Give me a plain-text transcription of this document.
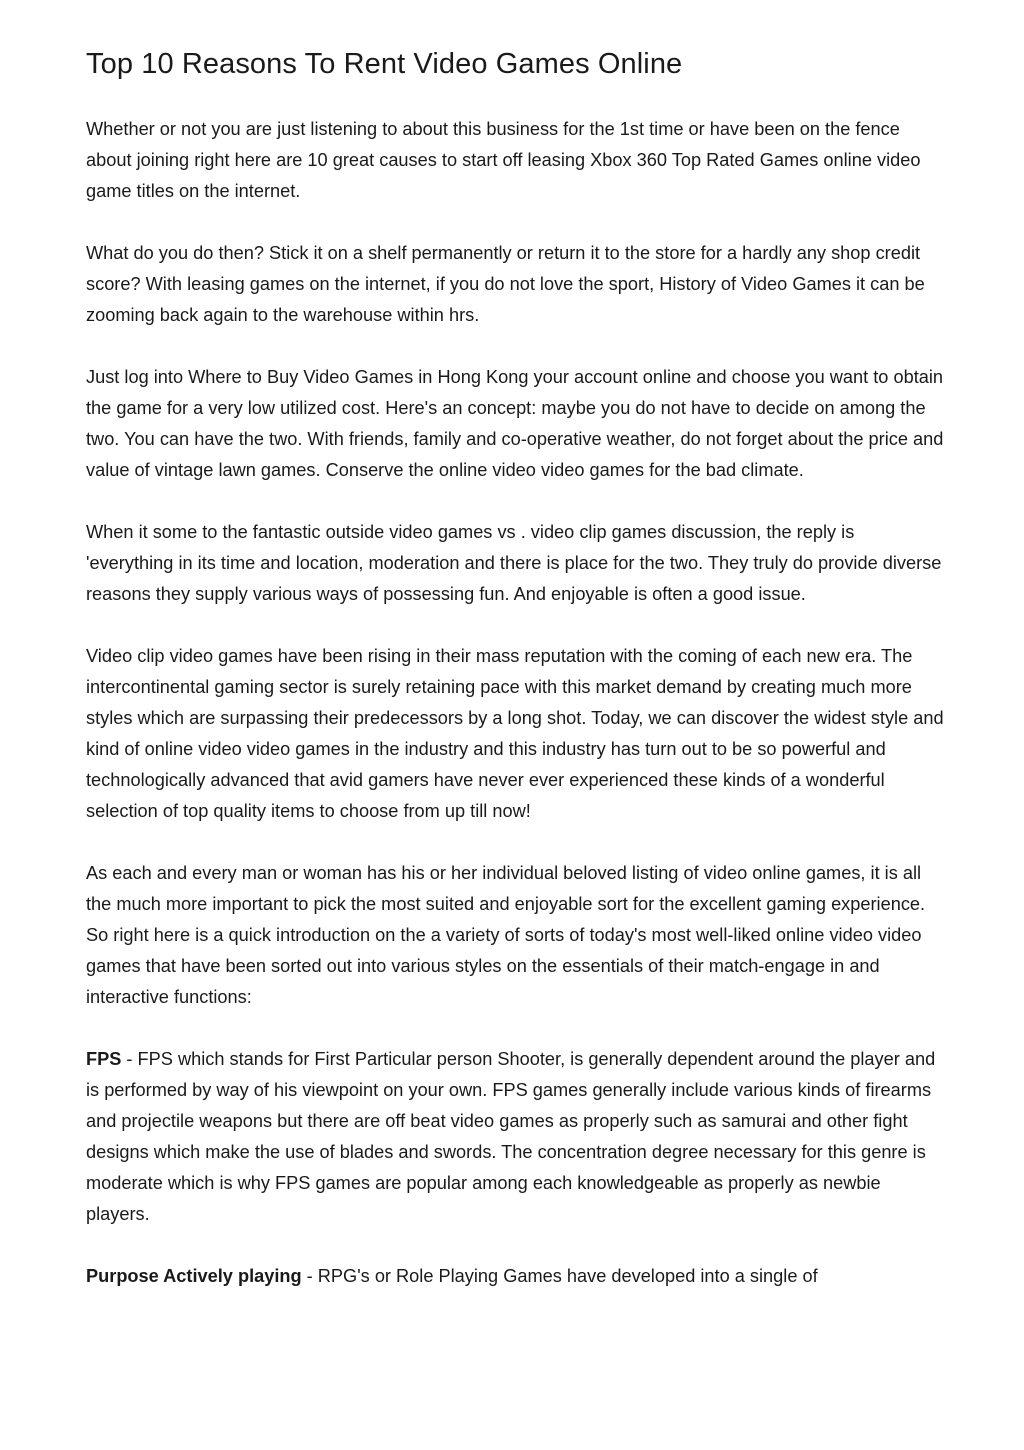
Top 10 Reasons To Rent Video Games Online

Whether or not you are just listening to about this business for the 1st time or have been on the fence about joining right here are 10 great causes to start off leasing Xbox 360 Top Rated Games online video game titles on the internet.

What do you do then? Stick it on a shelf permanently or return it to the store for a hardly any shop credit score? With leasing games on the internet, if you do not love the sport, History of Video Games it can be zooming back again to the warehouse within hrs.

Just log into Where to Buy Video Games in Hong Kong your account online and choose you want to obtain the game for a very low utilized cost. Here's an concept: maybe you do not have to decide on among the two. You can have the two. With friends, family and co-operative weather, do not forget about the price and value of vintage lawn games. Conserve the online video video games for the bad climate.

When it some to the fantastic outside video games vs . video clip games discussion, the reply is 'everything in its time and location, moderation and there is place for the two. They truly do provide diverse reasons they supply various ways of possessing fun. And enjoyable is often a good issue.

Video clip video games have been rising in their mass reputation with the coming of each new era. The intercontinental gaming sector is surely retaining pace with this market demand by creating much more styles which are surpassing their predecessors by a long shot. Today, we can discover the widest style and kind of online video video games in the industry and this industry has turn out to be so powerful and technologically advanced that avid gamers have never ever experienced these kinds of a wonderful selection of top quality items to choose from up till now!

As each and every man or woman has his or her individual beloved listing of video online games, it is all the much more important to pick the most suited and enjoyable sort for the excellent gaming experience. So right here is a quick introduction on the a variety of sorts of today's most well-liked online video video games that have been sorted out into various styles on the essentials of their match-engage in and interactive functions:

FPS - FPS which stands for First Particular person Shooter, is generally dependent around the player and is performed by way of his viewpoint on your own. FPS games generally include various kinds of firearms and projectile weapons but there are off beat video games as properly such as samurai and other fight designs which make the use of blades and swords. The concentration degree necessary for this genre is moderate which is why FPS games are popular among each knowledgeable as properly as newbie players.

Purpose Actively playing - RPG's or Role Playing Games have developed into a single of
